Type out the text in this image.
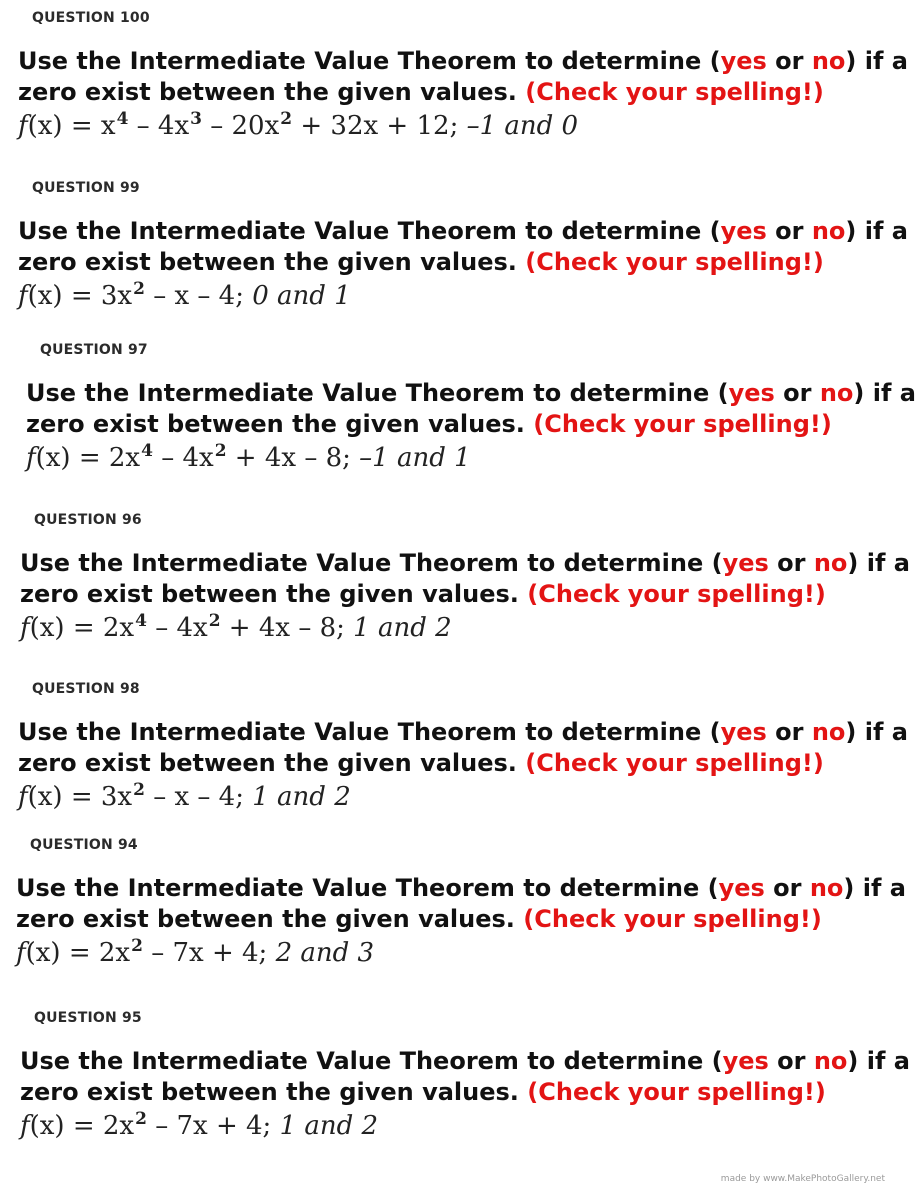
QUESTION 100
Use the Intermediate Value Theorem to determine (yes or no) if a
zero exist between the given values. (Check your spelling!)
$f(x) = x^4 - 4x^3 - 20x^2 + 32x + 12$; –1 and 0
QUESTION 99
Use the Intermediate Value Theorem to determine (yes or no) if a
zero exist between the given values. (Check your spelling!)
$f(x) = 3x^2 - x - 4$; 0 and 1
QUESTION 97
Use the Intermediate Value Theorem to determine (yes or no) if a
zero exist between the given values. (Check your spelling!)
$f(x) = 2x^4 - 4x^2 + 4x - 8$; –1 and 1
QUESTION 96
Use the Intermediate Value Theorem to determine (yes or no) if a
zero exist between the given values. (Check your spelling!)
$f(x) = 2x^4 - 4x^2 + 4x - 8$; 1 and 2
QUESTION 98
Use the Intermediate Value Theorem to determine (yes or no) if a
zero exist between the given values. (Check your spelling!)
$f(x) = 3x^2 - x - 4$; 1 and 2
QUESTION 94
Use the Intermediate Value Theorem to determine (yes or no) if a
zero exist between the given values. (Check your spelling!)
$f(x) = 2x^2 - 7x + 4$; 2 and 3
QUESTION 95
Use the Intermediate Value Theorem to determine (yes or no) if a
zero exist between the given values. (Check your spelling!)
$f(x) = 2x^2 - 7x + 4$; 1 and 2
made by www.MakePhotoGallery.net
